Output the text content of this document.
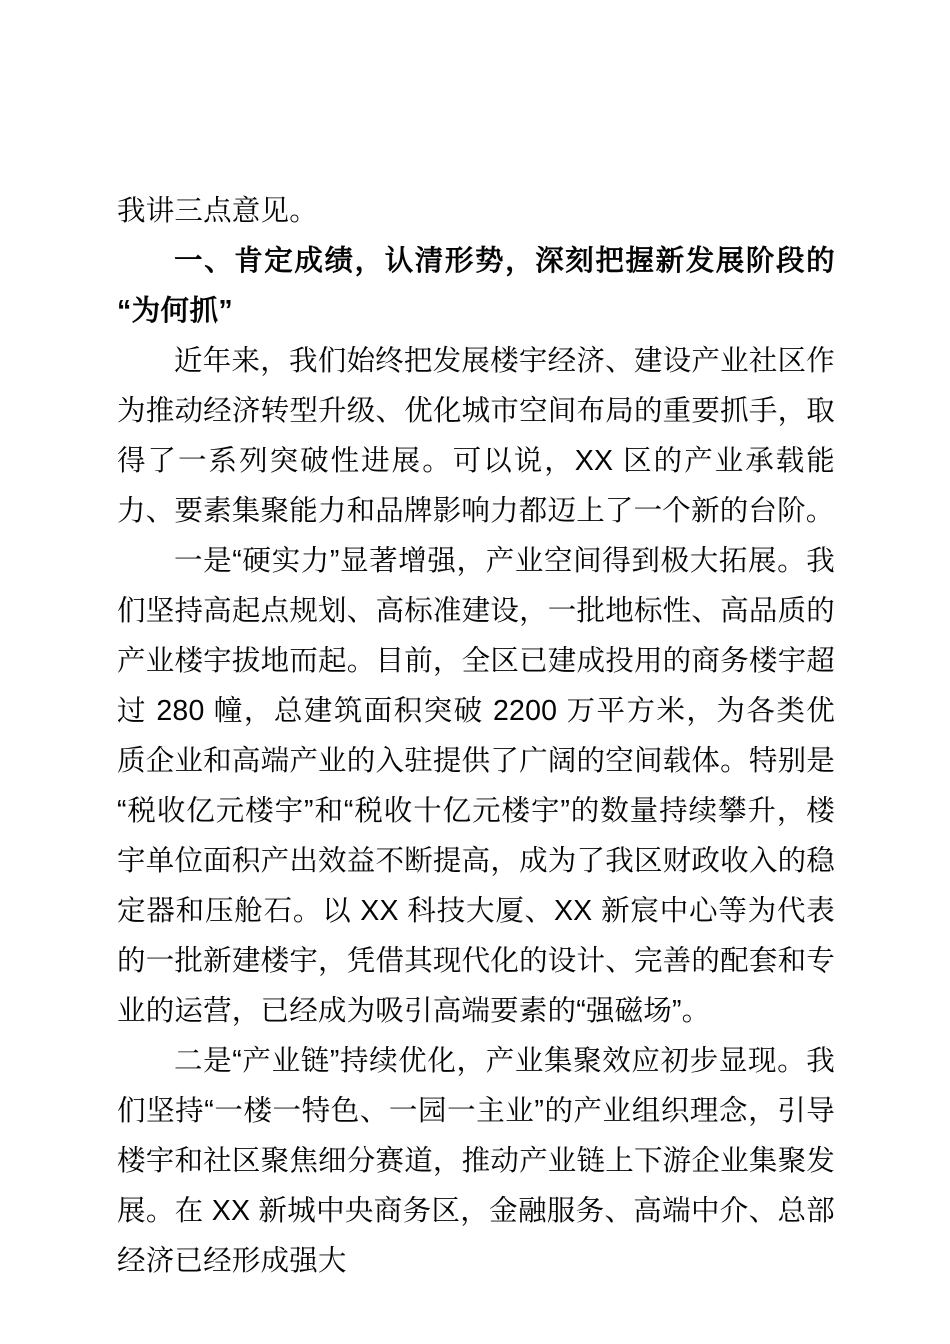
我讲三点意见。

一、肯定成绩，认清形势，深刻把握新发展阶段的“为何抓”

近年来，我们始终把发展楼宇经济、建设产业社区作为推动经济转型升级、优化城市空间布局的重要抓手，取得了一系列突破性进展。可以说，XX 区的产业承载能力、要素集聚能力和品牌影响力都迈上了一个新的台阶。

一是“硬实力”显著增强，产业空间得到极大拓展。我们坚持高起点规划、高标准建设，一批地标性、高品质的产业楼宇拔地而起。目前，全区已建成投用的商务楼宇超过 280 幢，总建筑面积突破 2200 万平方米，为各类优质企业和高端产业的入驻提供了广阔的空间载体。特别是“税收亿元楼宇”和“税收十亿元楼宇”的数量持续攀升，楼宇单位面积产出效益不断提高，成为了我区财政收入的稳定器和压舱石。以 XX 科技大厦、XX 新宸中心等为代表的一批新建楼宇，凭借其现代化的设计、完善的配套和专业的运营，已经成为吸引高端要素的“强磁场”。

二是“产业链”持续优化，产业集聚效应初步显现。我们坚持“一楼一特色、一园一主业”的产业组织理念，引导楼宇和社区聚焦细分赛道，推动产业链上下游企业集聚发展。在 XX 新城中央商务区，金融服务、高端中介、总部经济已经形成强大
